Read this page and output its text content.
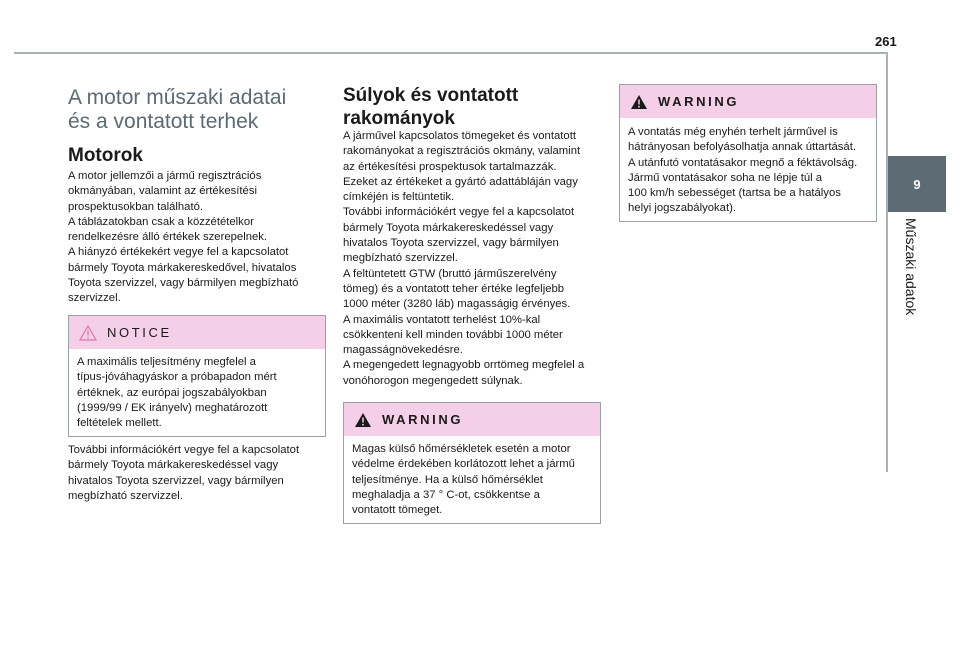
261
9
Műszaki adatok
A motor műszaki adatai
és a vontatott terhek
Motorok

A motor jellemzői a jármű regisztrációs
okmányában, valamint az értékesítési
prospektusokban található.
A táblázatokban csak a közzétételkor
rendelkezésre álló értékek szerepelnek.
A hiányzó értékekért vegye fel a kapcsolatot
bármely Toyota márkakereskedővel, hivatalos
Toyota szervizzel, vagy bármilyen megbízható
szervizzel.

NOTICE

A maximális teljesítmény megfelel a
típus-jóváhagyáskor a próbapadon mért
értéknek, az európai jogszabályokban
(1999/99 / EK irányelv) meghatározott
feltételek mellett.

További információkért vegye fel a kapcsolatot
bármely Toyota márkakereskedéssel vagy
hivatalos Toyota szervizzel, vagy bármilyen
megbízható szervizzel.

Súlyok és vontatott
rakományok

A járművel kapcsolatos tömegeket és vontatott
rakományokat a regisztrációs okmány, valamint
az értékesítési prospektusok tartalmazzák.
Ezeket az értékeket a gyártó adattábláján vagy
címkéjén is feltüntetik.
További információkért vegye fel a kapcsolatot
bármely Toyota márkakereskedéssel vagy
hivatalos Toyota szervizzel, vagy bármilyen
megbízható szervizzel.
A feltüntetett GTW (bruttó járműszerelvény
tömeg) és a vontatott teher értéke legfeljebb
1000 méter (3280 láb) magasságig érvényes.
A maximális vontatott terhelést 10%-kal
csökkenteni kell minden további 1000 méter
magasságnövekedésre.
A megengedett legnagyobb orrtömeg megfelel a
vonóhorogon megengedett súlynak.

WARNING

Magas külső hőmérsékletek esetén a motor
védelme érdekében korlátozott lehet a jármű
teljesítménye. Ha a külső hőmérséklet
meghaladja a 37 ° C-ot, csökkentse a
vontatott tömeget.

WARNING

A vontatás még enyhén terhelt járművel is
hátrányosan befolyásolhatja annak úttartását.
A utánfutó vontatásakor megnő a féktávolság.
Jármű vontatásakor soha ne lépje túl a
100 km/h sebességet (tartsa be a hatályos
helyi jogszabályokat).
